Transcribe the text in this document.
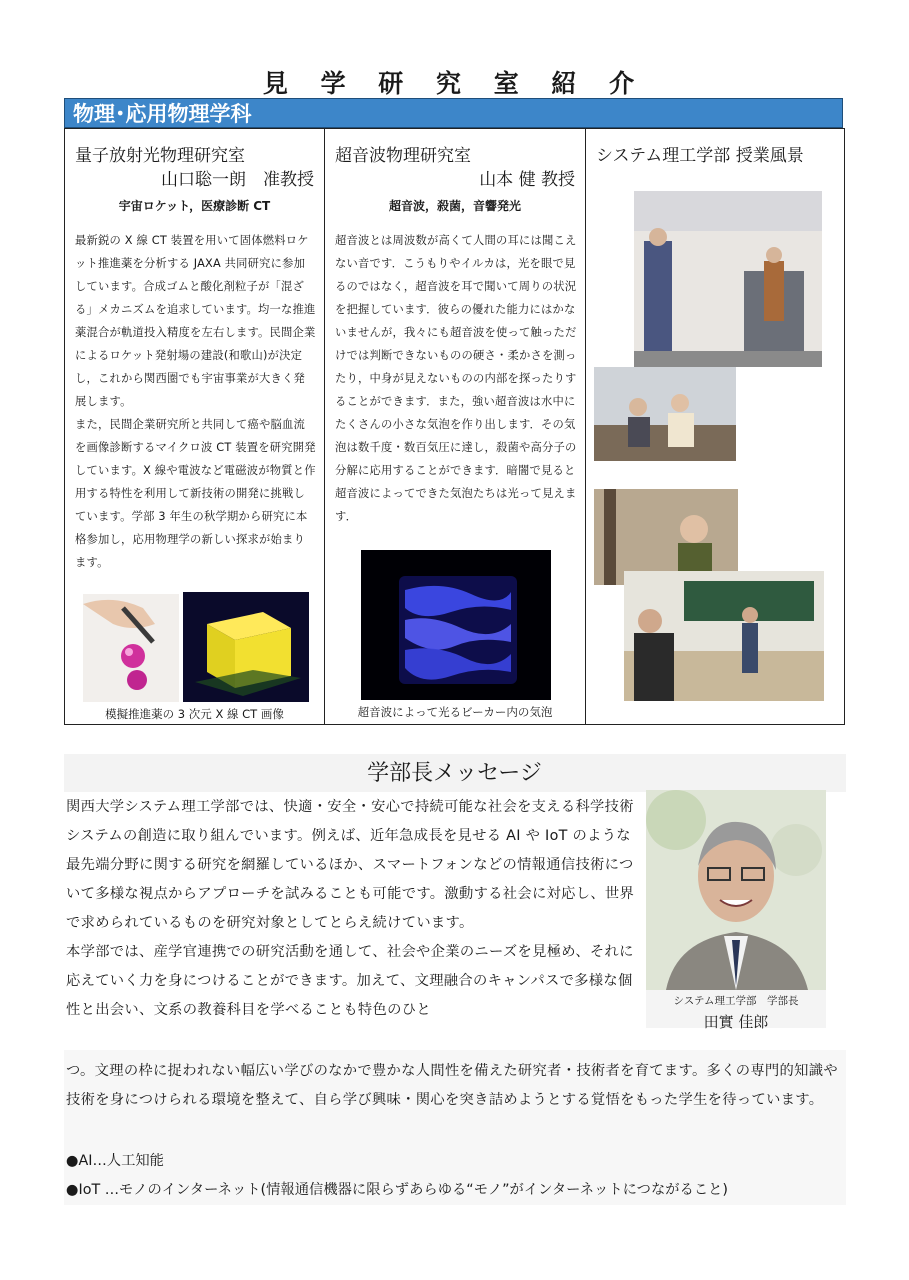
見 学 研 究 室 紹 介
物理･応用物理学科
量子放射光物理研究室
山口聡一朗　准教授
宇宙ロケット，医療診断 CT

最新鋭の X 線 CT 装置を用いて固体燃料ロケット推進薬を分析する JAXA 共同研究に参加しています。合成ゴムと酸化剤粒子が「混ざる」メカニズムを追求しています。均一な推進薬混合が軌道投入精度を左右します。民間企業によるロケット発射場の建設(和歌山)が決定し，これから関西圏でも宇宙事業が大きく発展します。

また，民間企業研究所と共同して癌や脳血流を画像診断するマイクロ波 CT 装置を研究開発しています。X 線や電波など電磁波が物質と作用する特性を利用して新技術の開発に挑戦しています。学部 3 年生の秋学期から研究に本格参加し，応用物理学の新しい探求が始まります。

模擬推進薬の 3 次元 X 線 CT 画像
超音波物理研究室
山本 健 教授
超音波，殺菌，音響発光

超音波とは周波数が高くて人間の耳には聞こえない音です．こうもりやイルカは，光を眼で見るのではなく，超音波を耳で聞いて周りの状況を把握しています．彼らの優れた能力にはかないませんが，我々にも超音波を使って触っただけでは判断できないものの硬さ・柔かさを測ったり，中身が見えないものの内部を探ったりすることができます．また，強い超音波は水中にたくさんの小さな気泡を作り出します．その気泡は数千度・数百気圧に達し，殺菌や高分子の分解に応用することができます．暗闇で見ると超音波によってできた気泡たちは光って見えます．

超音波によって光るビーカー内の気泡
システム理工学部 授業風景
学部長メッセージ

関西大学システム理工学部では、快適・安全・安心で持続可能な社会を支える科学技術システムの創造に取り組んでいます。例えば、近年急成長を見せる AI や IoT のような最先端分野に関する研究を網羅しているほか、スマートフォンなどの情報通信技術について多様な視点からアプローチを試みることも可能です。激動する社会に対応し、世界で求められているものを研究対象としてとらえ続けています。

本学部では、産学官連携での研究活動を通して、社会や企業のニーズを見極め、それに応えていく力を身につけることができます。加えて、文理融合のキャンパスで多様な個性と出会い、文系の教養科目を学べることも特色のひと

つ。文理の枠に捉われない幅広い学びのなかで豊かな人間性を備えた研究者・技術者を育てます。多くの専門的知識や技術を身につけられる環境を整えて、自ら学び興味・関心を突き詰めようとする覚悟をもった学生を待っています。

●AI…人工知能
●IoT …モノのインターネット(情報通信機器に限らずあらゆる“モノ”がインターネットにつながること)
システム理工学部　学部長
田實 佳郎
